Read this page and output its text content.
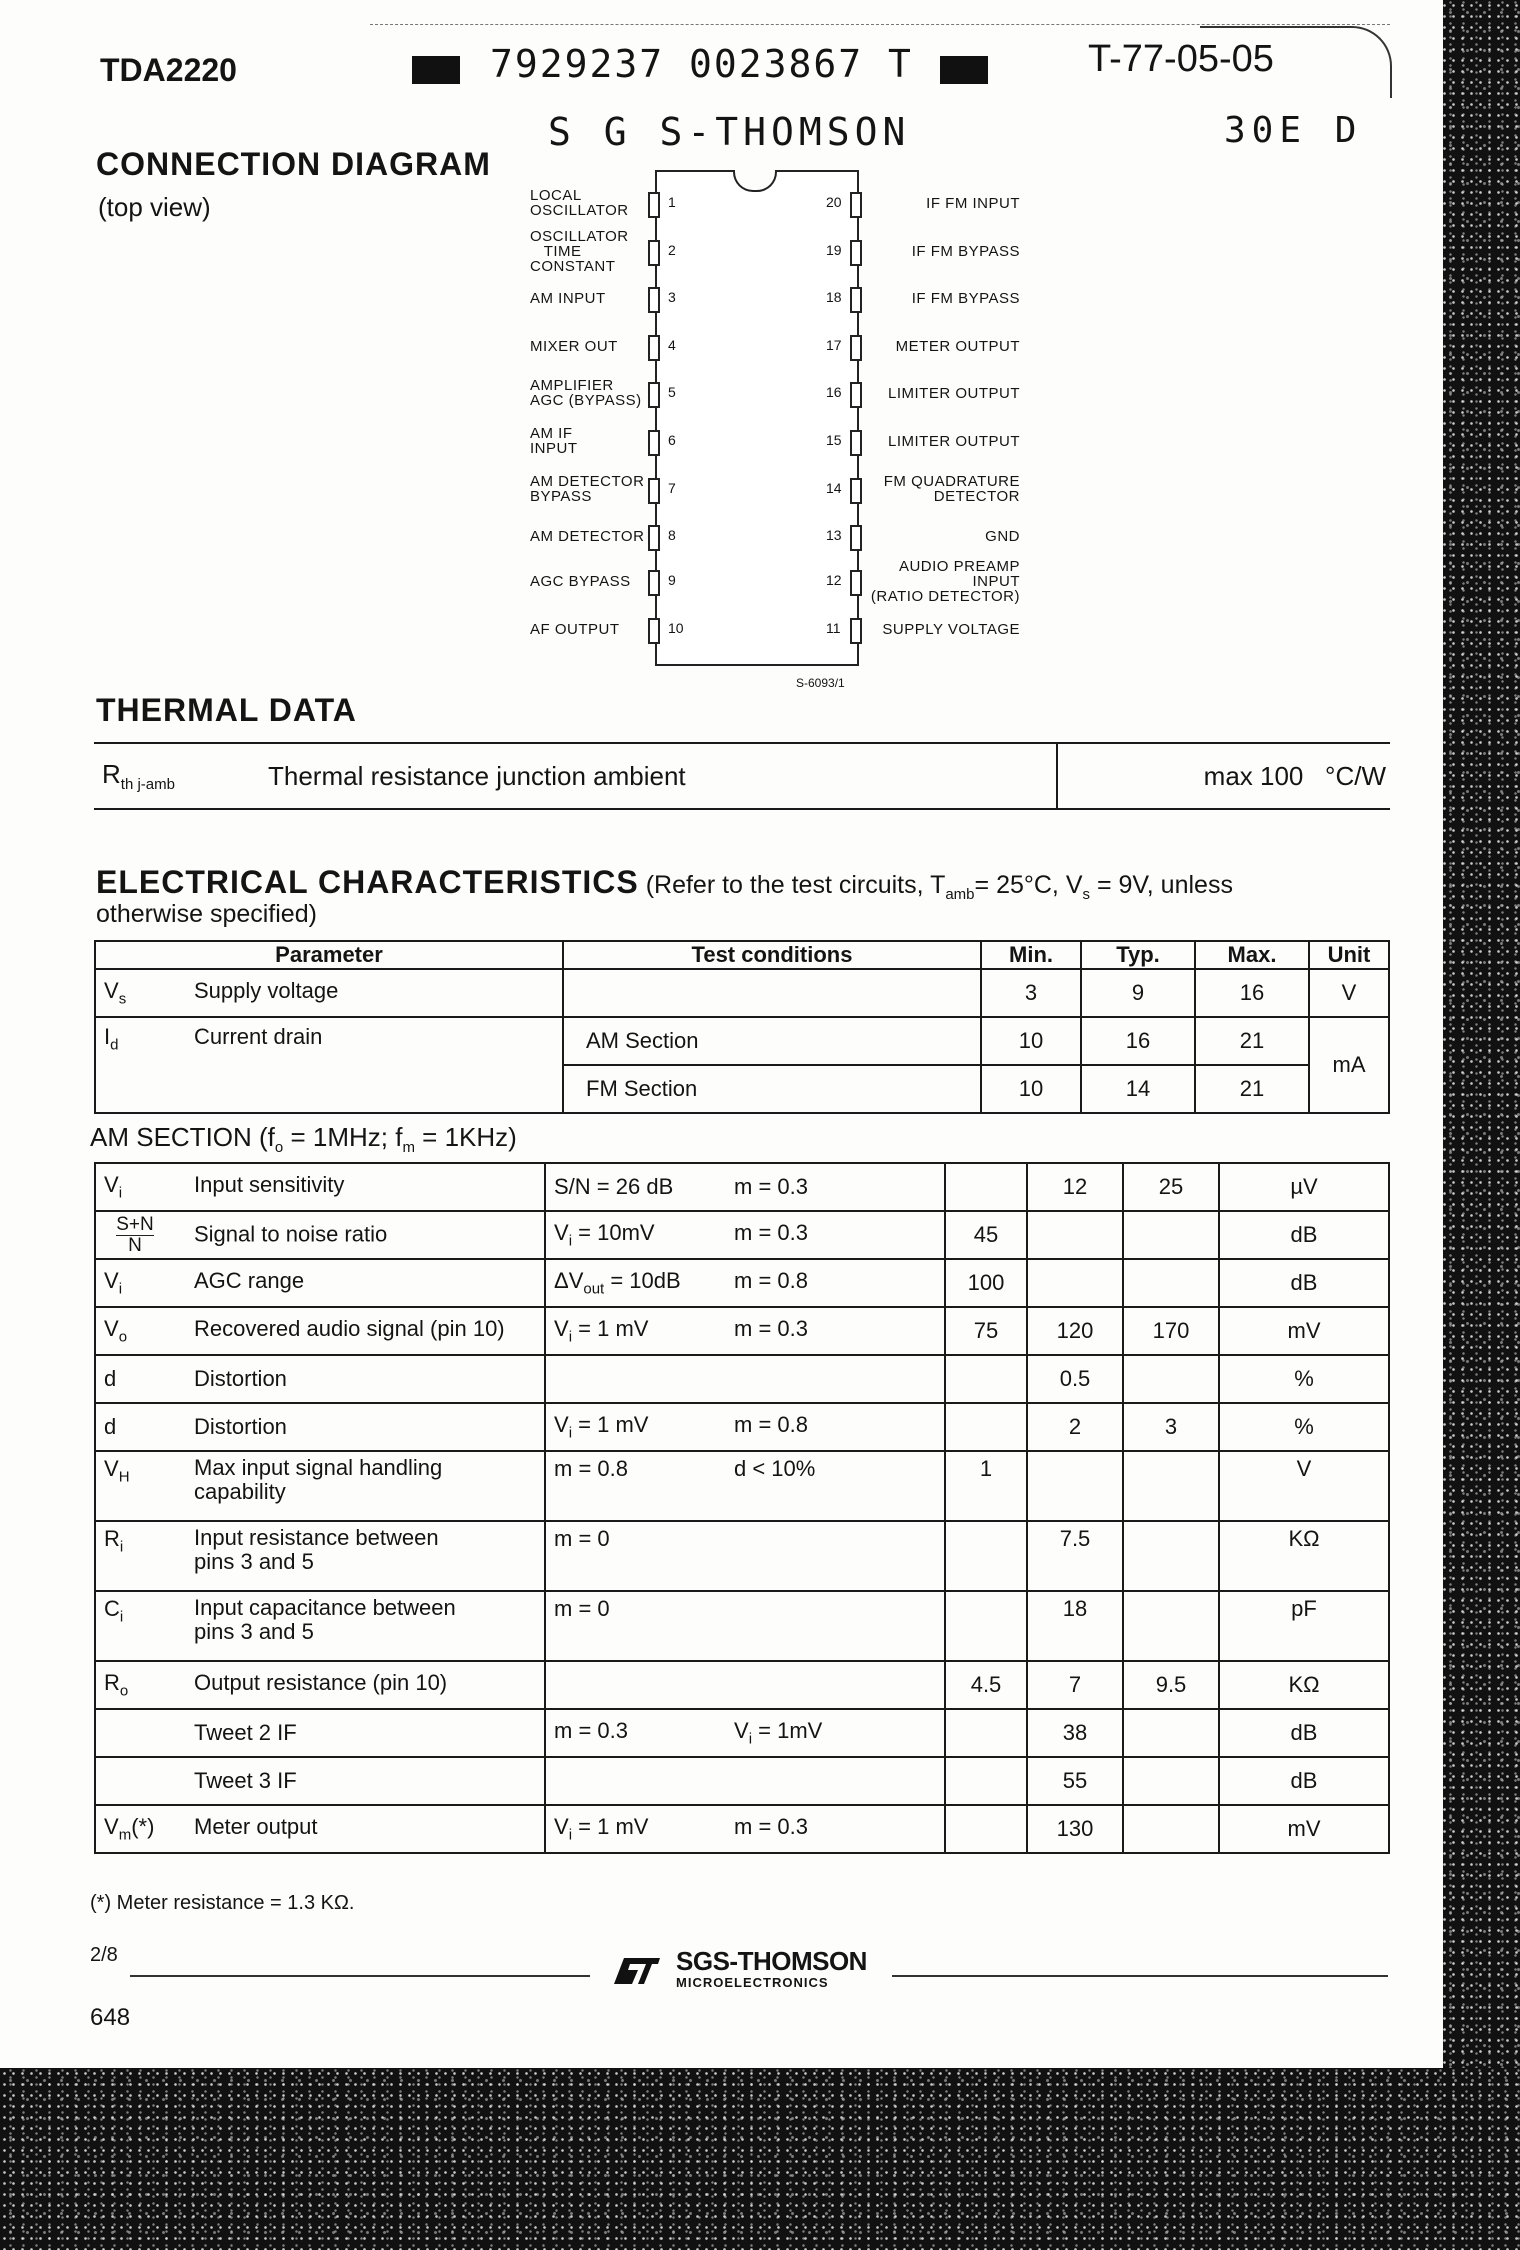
TDA2220	7929237 0023867 T	T-77-05-05
S G S-THOMSON	30E D
CONNECTION DIAGRAM
(top view)	1
LOCAL
OSCILLATOR
2
OSCILLATOR
TIME
CONSTANT
3
AM INPUT
4
MIXER OUT
5
AMPLIFIER
AGC (BYPASS)
6
AM IF
INPUT
7
AM DETECTOR
BYPASS
8
AM DETECTOR
9
AGC BYPASS
10
AF OUTPUT
20	IF FM INPUT
19	IF FM BYPASS
18	IF FM BYPASS
17	METER OUTPUT
16	LIMITER OUTPUT
15	LIMITER OUTPUT
14	FM QUADRATURE
DETECTOR
13	GND
12
AUDIO PREAMP
INPUT
(RATIO DETECTOR)
11	SUPPLY VOLTAGE
S-6093/1
THERMAL DATA
$R_{th j-amb}$	Thermal resistance junction ambient	max 100   °C/W
ELECTRICAL CHARACTERISTICS (Refer to the test circuits, $T_{amb}= 25^\circ C$, $V_s = 9V$, unless
otherwise specified)
Parameter	Test conditions	Min.	Typ.	Max.	Unit
$V_s$ Supply voltage		3	9	16	V
$I_d$ Current drain	AM Section	10	16	21	mA
	FM Section	10	14	21	
AM SECTION ($f_o = 1MHz$; $f_m = 1KHz$)
$V_i$ Input sensitivity	S/N = 26 dB m = 0.3		12	25	µV

$\frac{S+N}{N}$ Signal to noise ratio	$V_i = 10mV$ m = 0.3	45			dB
$V_i$ AGC range	$\Delta V_{out} = 10dB$ m = 0.8	100			dB
$V_o$ Recovered audio signal (pin 10)	$V_i = 1$ mV m = 0.3	75	120	170	mV
d Distortion			0.5		%
d Distortion	$V_i = 1$ mV m = 0.8		2	3	%
$V_H$ Max input signal handling
capability	m = 0.8 d < 10%	1			V
$R_i$ Input resistance between
pins 3 and 5	m = 0		7.5		KΩ
$C_i$ Input capacitance between
pins 3 and 5	m = 0		18		pF
$R_o$ Output resistance (pin 10)		4.5	7	9.5	KΩ
Tweet 2 IF	m = 0.3 $V_i = 1mV$		38		dB
Tweet 3 IF			55		dB
$V_m(*)$ Meter output	$V_i = 1$ mV m = 0.3		130		mV
(*) Meter resistance = 1.3 KΩ.
2/8	SGS-THOMSON
MICROELECTRONICS
648
